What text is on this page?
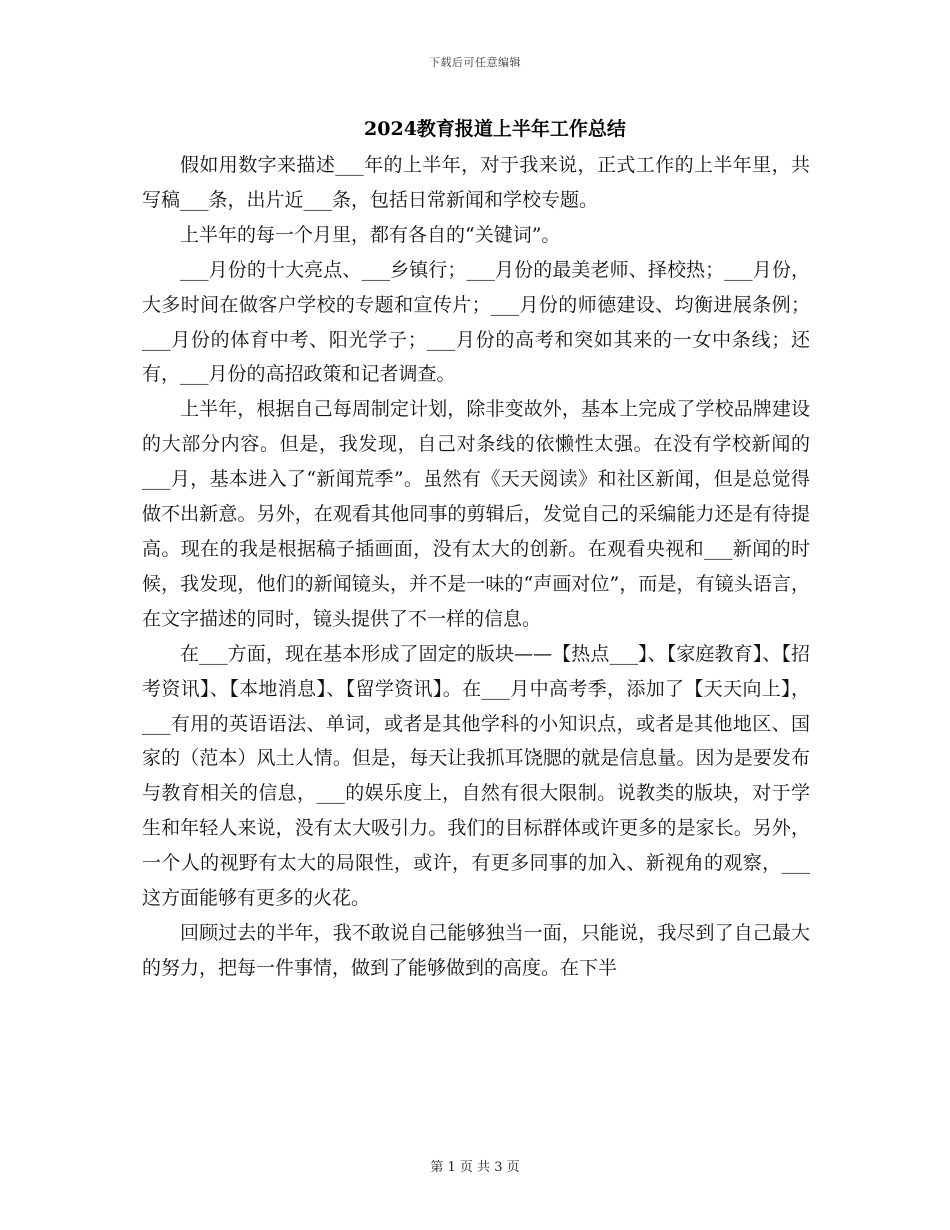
下载后可任意编辑
2024教育报道上半年工作总结

假如用数字来描述___年的上半年，对于我来说，正式工作的上半年里，共写稿___条，出片近___条，包括日常新闻和学校专题。

上半年的每一个月里，都有各自的“关键词”。

___月份的十大亮点、___乡镇行；___月份的最美老师、择校热；___月份，大多时间在做客户学校的专题和宣传片；___月份的师德建设、均衡进展条例；___月份的体育中考、阳光学子；___月份的高考和突如其来的一女中条线；还有，___月份的高招政策和记者调查。

上半年，根据自己每周制定计划，除非变故外，基本上完成了学校品牌建设的大部分内容。但是，我发现，自己对条线的依懒性太强。在没有学校新闻的___月，基本进入了“新闻荒季”。虽然有《天天阅读》和社区新闻，但是总觉得做不出新意。另外，在观看其他同事的剪辑后，发觉自己的采编能力还是有待提高。现在的我是根据稿子插画面，没有太大的创新。在观看央视和___新闻的时候，我发现，他们的新闻镜头，并不是一味的“声画对位”，而是，有镜头语言，在文字描述的同时，镜头提供了不一样的信息。

在___方面，现在基本形成了固定的版块——【热点___】、【家庭教育】、【招考资讯】、【本地消息】、【留学资讯】。在___月中高考季，添加了【天天向上】，___有用的英语语法、单词，或者是其他学科的小知识点，或者是其他地区、国家的（范本）风土人情。但是，每天让我抓耳饶腮的就是信息量。因为是要发布与教育相关的信息，___的娱乐度上，自然有很大限制。说教类的版块，对于学生和年轻人来说，没有太大吸引力。我们的目标群体或许更多的是家长。另外，一个人的视野有太大的局限性，或许，有更多同事的加入、新视角的观察，___这方面能够有更多的火花。

回顾过去的半年，我不敢说自己能够独当一面，只能说，我尽到了自己最大的努力，把每一件事情，做到了能够做到的高度。在下半

第 1 页 共 3 页
